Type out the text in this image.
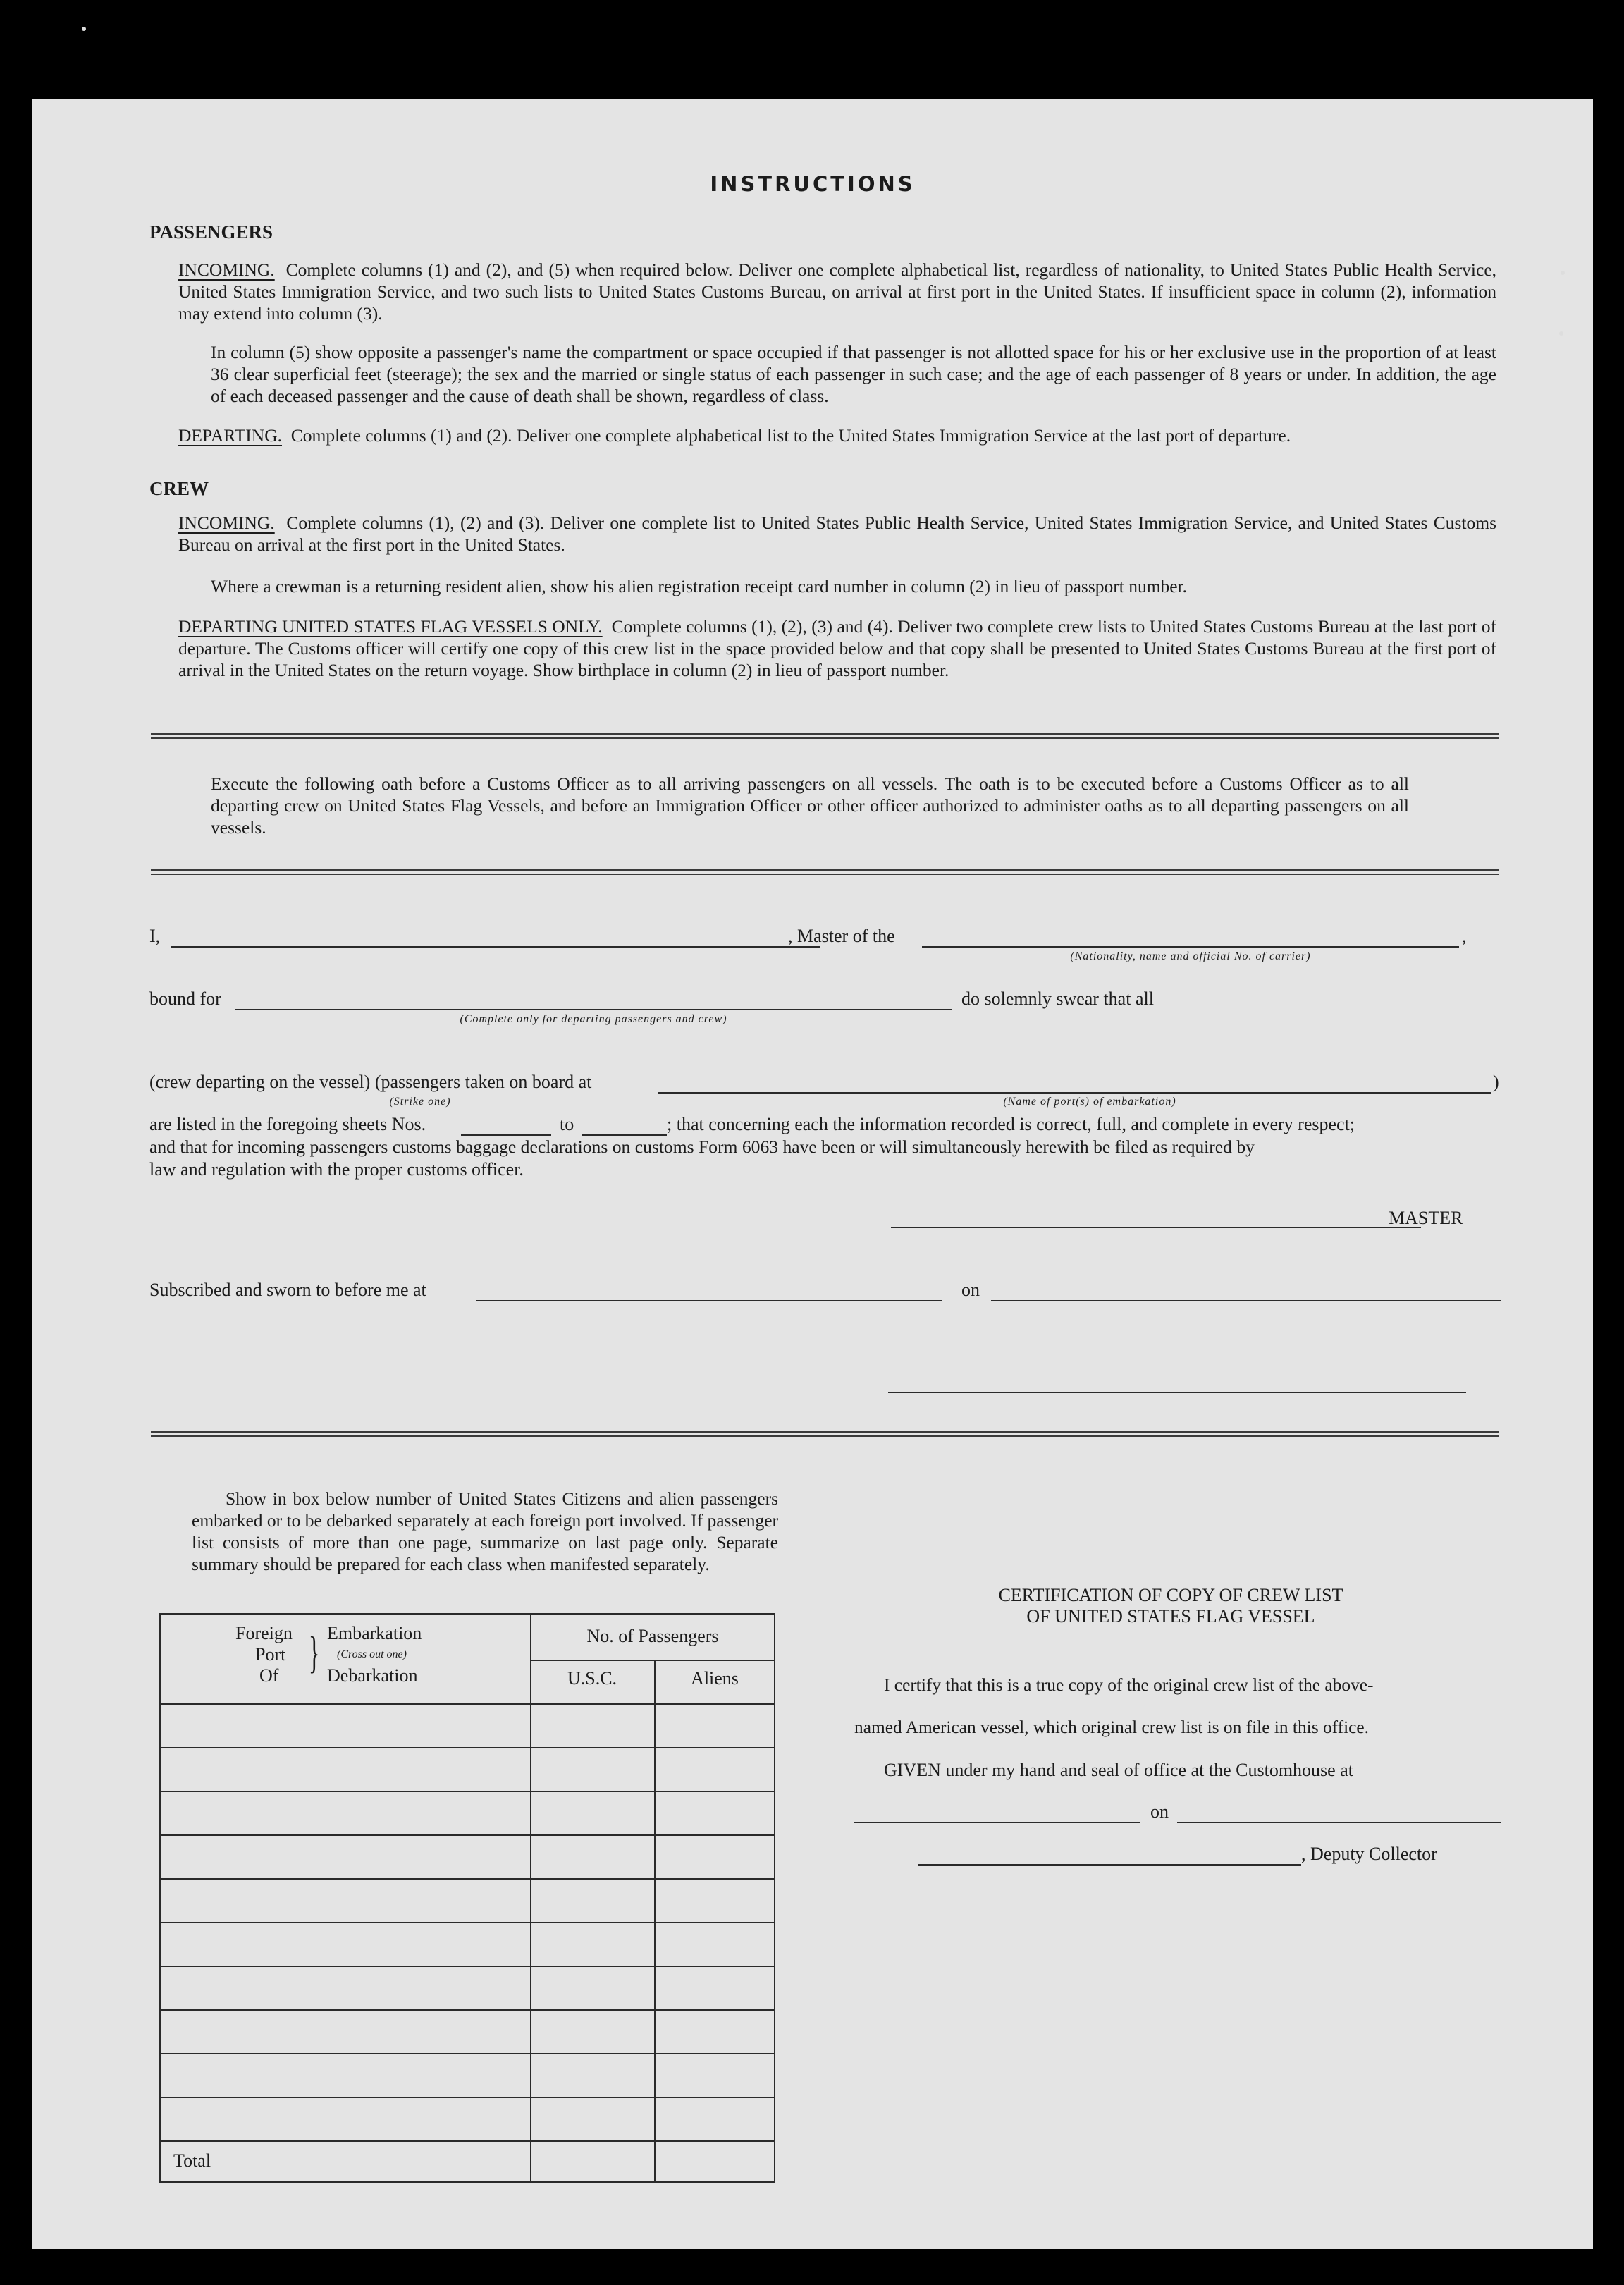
INSTRUCTIONS
PASSENGERS
INCOMING. Complete columns (1) and (2), and (5) when required below. Deliver one complete alphabetical list, regardless of nationality, to United States Public Health Service, United States Immigration Service, and two such lists to United States Customs Bureau, on arrival at first port in the United States. If insufficient space in column (2), information may extend into column (3).
In column (5) show opposite a passenger's name the compartment or space occupied if that passenger is not allotted space for his or her exclusive use in the proportion of at least 36 clear superficial feet (steerage); the sex and the married or single status of each passenger in such case; and the age of each passenger of 8 years or under. In addition, the age of each deceased passenger and the cause of death shall be shown, regardless of class.
DEPARTING. Complete columns (1) and (2). Deliver one complete alphabetical list to the United States Immigration Service at the last port of departure.
CREW
INCOMING. Complete columns (1), (2) and (3). Deliver one complete list to United States Public Health Service, United States Immigration Service, and United States Customs Bureau on arrival at the first port in the United States.
Where a crewman is a returning resident alien, show his alien registration receipt card number in column (2) in lieu of passport number.
DEPARTING UNITED STATES FLAG VESSELS ONLY. Complete columns (1), (2), (3) and (4). Deliver two complete crew lists to United States Customs Bureau at the last port of departure. The Customs officer will certify one copy of this crew list in the space provided below and that copy shall be presented to United States Customs Bureau at the first port of arrival in the United States on the return voyage. Show birthplace in column (2) in lieu of passport number.
Execute the following oath before a Customs Officer as to all arriving passengers on all vessels. The oath is to be executed before a Customs Officer as to all departing crew on United States Flag Vessels, and before an Immigration Officer or other officer authorized to administer oaths as to all departing passengers on all vessels.
I,	, Master of the	,
(Nationality, name and official No. of carrier)
bound for
(Complete only for departing passengers and crew)
do solemnly swear that all
(crew departing on the vessel) (passengers taken on board at	)
(Strike one)	(Name of port(s) of embarkation)
are listed in the foregoing sheets Nos.	to	; that concerning each the information recorded is correct, full, and complete in every respect;
and that for incoming passengers customs baggage declarations on customs Form 6063 have been or will simultaneously herewith be filed as required by
law and regulation with the proper customs officer.
MASTER
Subscribed and sworn to before me at	on
Show in box below number of United States Citizens and alien passengers embarked or to be debarked separately at each foreign port involved. If passenger list consists of more than one page, summarize on last page only. Separate summary should be prepared for each class when manifested separately.
Foreign
Port
Of } Embarkation
(Cross out one)
Debarkation
No. of Passengers
U.S.C.	Aliens
Total
CERTIFICATION OF COPY OF CREW LIST
OF UNITED STATES FLAG VESSEL
I certify that this is a true copy of the original crew list of the above-
named American vessel, which original crew list is on file in this office.
GIVEN under my hand and seal of office at the Customhouse at
on
, Deputy Collector
